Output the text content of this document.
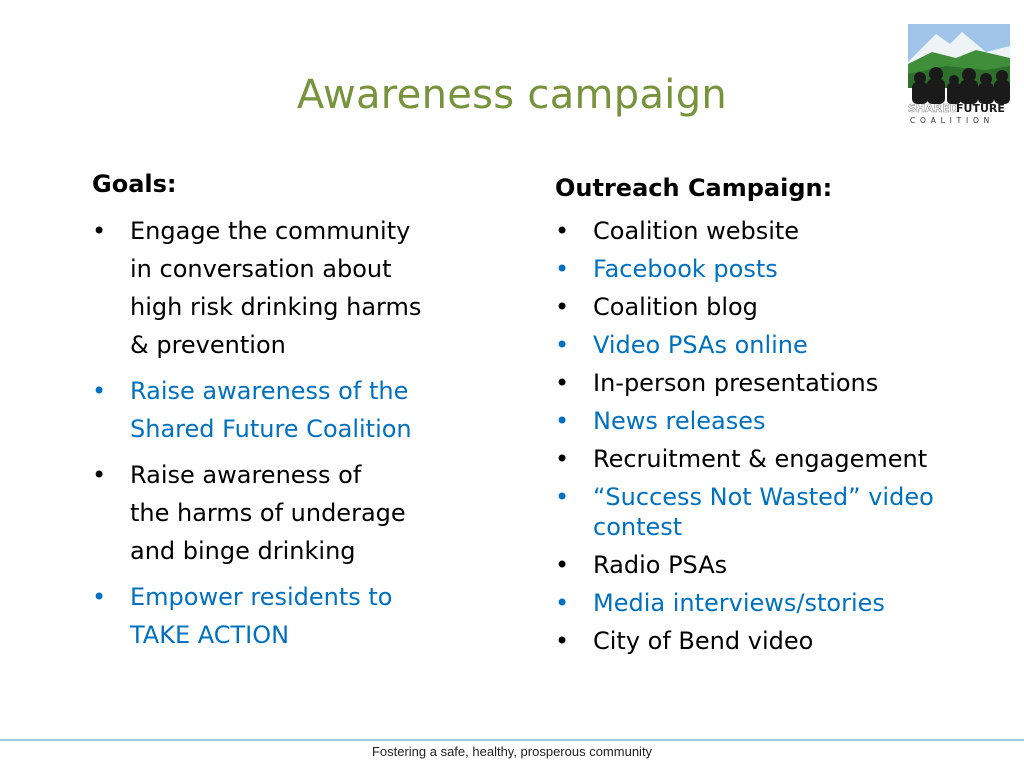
Awareness campaign	SHARED
FUTURE
C O A L I T I O N
Goals:
• Engage the community
in conversation about
high risk drinking harms
& prevention
• Raise awareness of the
Shared Future Coalition
• Raise awareness of
the harms of underage
and binge drinking
• Empower residents to
TAKE ACTION
Outreach Campaign:
• Coalition website
• Facebook posts
• Coalition blog
• Video PSAs online
• In-person presentations
• News releases
• Recruitment & engagement
• “Success Not Wasted” video
contest
• Radio PSAs
• Media interviews/stories
• City of Bend video
Fostering a safe, healthy, prosperous community
